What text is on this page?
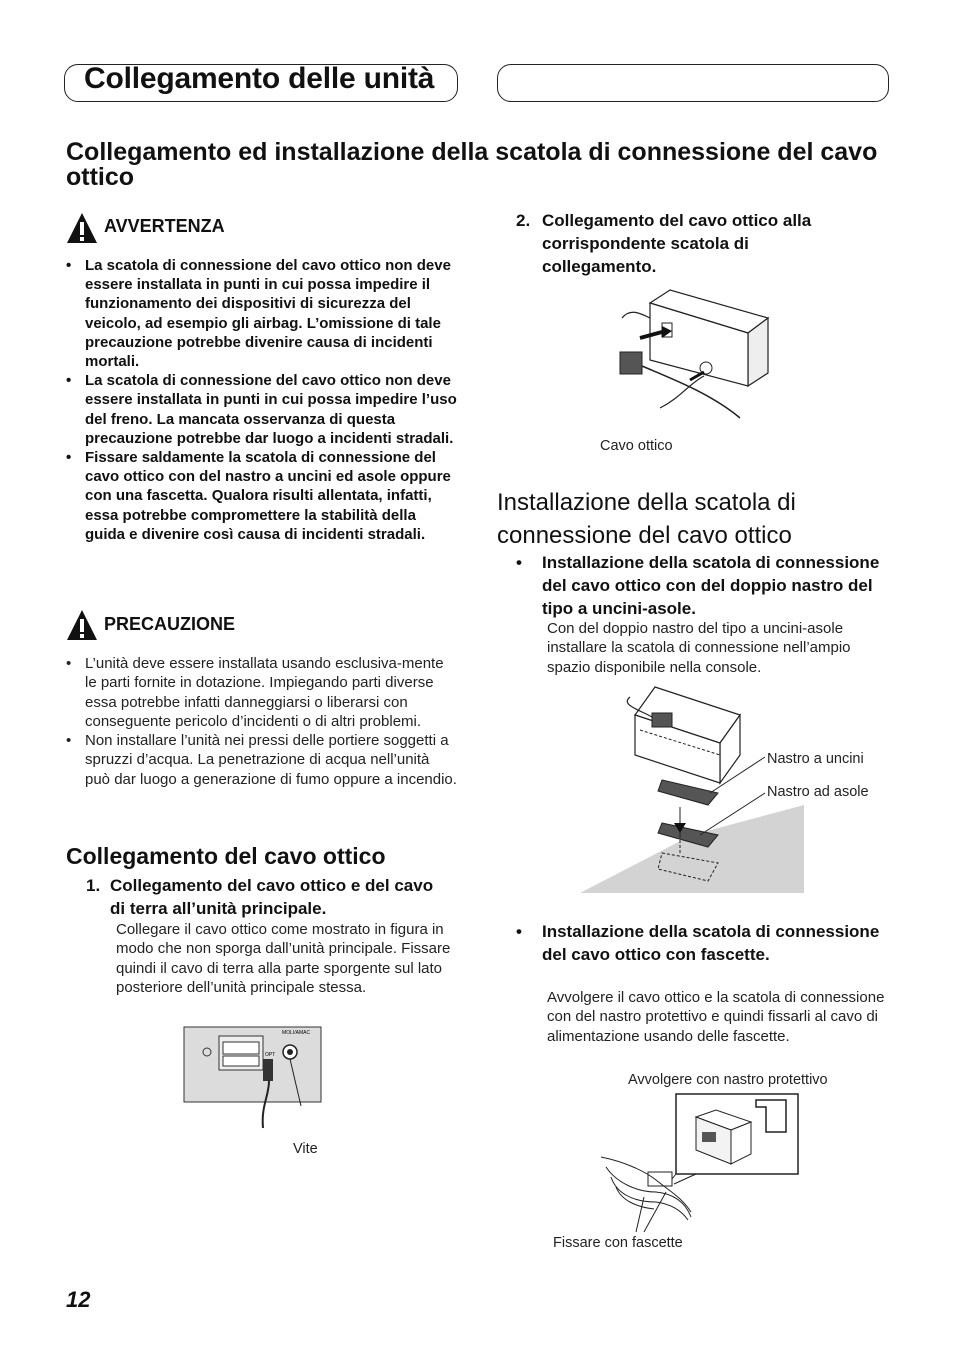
Collegamento delle unità
Collegamento ed installazione della scatola di connessione del cavo ottico
AVVERTENZA
• La scatola di connessione del cavo ottico non deve essere installata in punti in cui possa impedire il funzionamento dei dispositivi di sicurezza del veicolo, ad esempio gli airbag. L’omissione di tale precauzione potrebbe divenire causa di incidenti mortali.
• La scatola di connessione del cavo ottico non deve essere installata in punti in cui possa impedire l’uso del freno. La mancata osservanza di questa precauzione potrebbe dar luogo a incidenti stradali.
• Fissare saldamente la scatola di connessione del cavo ottico con del nastro a uncini ed asole oppure con una fascetta. Qualora risulti allentata, infatti, essa potrebbe compromettere la stabilità della guida e divenire così causa di incidenti stradali.
PRECAUZIONE
• L’unità deve essere installata usando esclusiva-mente le parti fornite in dotazione. Impiegando parti diverse essa potrebbe infatti danneggiarsi o liberarsi con conseguente pericolo d’incidenti o di altri problemi.
• Non installare l’unità nei pressi delle portiere soggetti a spruzzi d’acqua. La penetrazione di acqua nell’unità può dar luogo a generazione di fumo oppure a incendio.
Collegamento del cavo ottico
1. Collegamento del cavo ottico e del cavo di terra all’unità principale.
Collegare il cavo ottico come mostrato in figura in modo che non sporga dall’unità principale. Fissare quindi il cavo di terra alla parte sporgente sul lato posteriore dell’unità principale stessa.
MOLI/AMAC
OPT
Vite
2. Collegamento del cavo ottico alla corrispondente scatola di collegamento.
Cavo ottico
Installazione della scatola di connessione del cavo ottico
• Installazione della scatola di connessione del cavo ottico con del doppio nastro del tipo a uncini-asole.
Con del doppio nastro del tipo a uncini-asole installare la scatola di connessione nell’ampio spazio disponibile nella console.
Nastro a uncini
Nastro ad asole
• Installazione della scatola di connessione del cavo ottico con fascette.
Avvolgere il cavo ottico e la scatola di connessione con del nastro protettivo e quindi fissarli al cavo di alimentazione usando delle fascette.
Avvolgere con nastro protettivo
Fissare con fascette
12
